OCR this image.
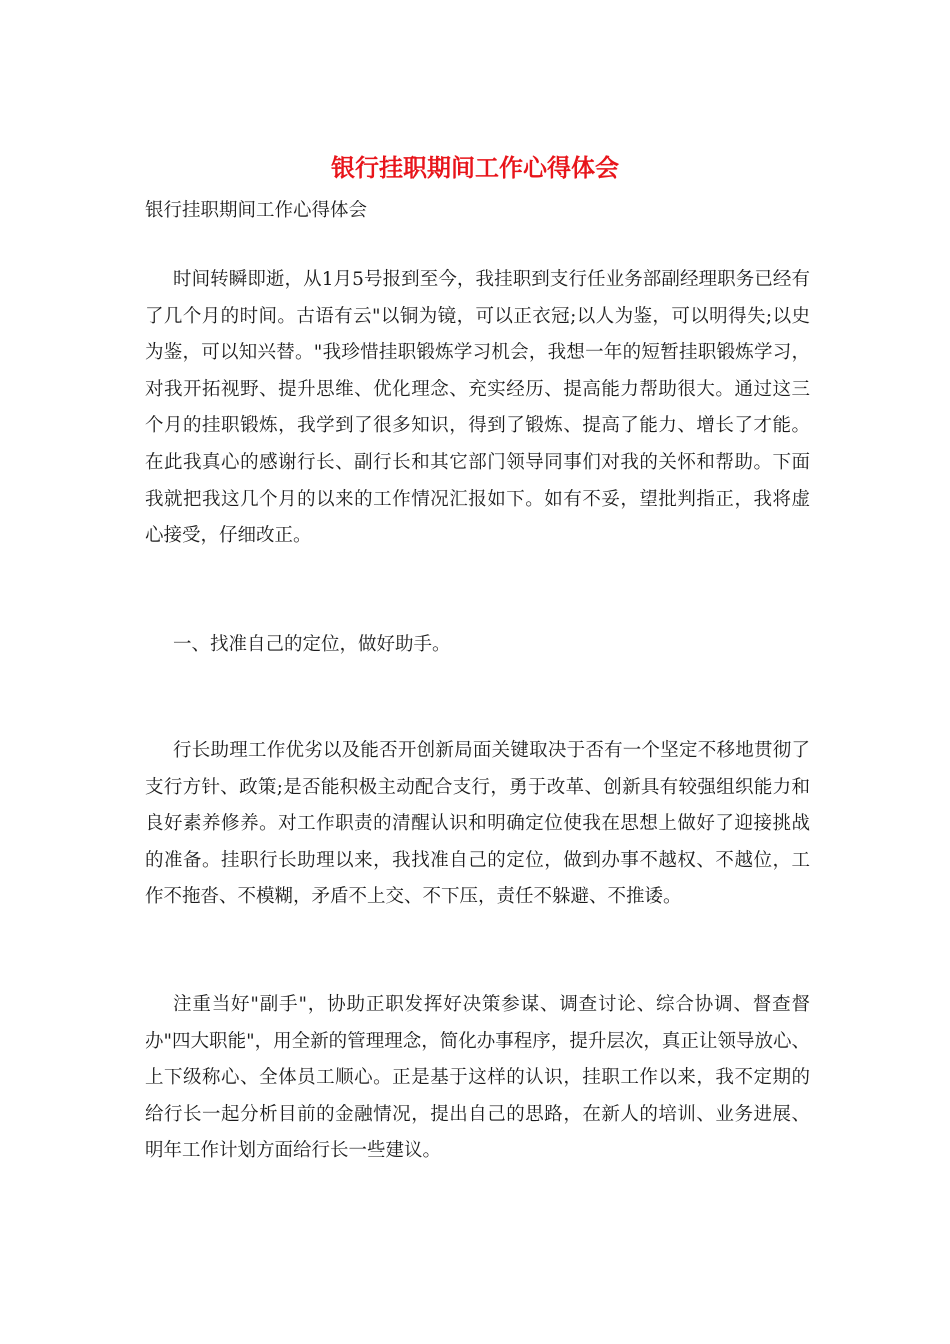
银行挂职期间工作心得体会

银行挂职期间工作心得体会

时间转瞬即逝，从1月5号报到至今，我挂职到支行任业务部副经理职务已经有了几个月的时间。古语有云"以铜为镜，可以正衣冠;以人为鉴，可以明得失;以史为鉴，可以知兴替。"我珍惜挂职锻炼学习机会，我想一年的短暂挂职锻炼学习，对我开拓视野、提升思维、优化理念、充实经历、提高能力帮助很大。通过这三个月的挂职锻炼，我学到了很多知识，得到了锻炼、提高了能力、增长了才能。在此我真心的感谢行长、副行长和其它部门领导同事们对我的关怀和帮助。下面我就把我这几个月的以来的工作情况汇报如下。如有不妥，望批判指正，我将虚心接受，仔细改正。

一、找准自己的定位，做好助手。

行长助理工作优劣以及能否开创新局面关键取决于否有一个坚定不移地贯彻了支行方针、政策;是否能积极主动配合支行，勇于改革、创新具有较强组织能力和良好素养修养。对工作职责的清醒认识和明确定位使我在思想上做好了迎接挑战的准备。挂职行长助理以来，我找准自己的定位，做到办事不越权、不越位，工作不拖沓、不模糊，矛盾不上交、不下压，责任不躲避、不推诿。

注重当好"副手"，协助正职发挥好决策参谋、调查讨论、综合协调、督查督办"四大职能"，用全新的管理理念，简化办事程序，提升层次，真正让领导放心、上下级称心、全体员工顺心。正是基于这样的认识，挂职工作以来，我不定期的给行长一起分析目前的金融情况，提出自己的思路，在新人的培训、业务进展、明年工作计划方面给行长一些建议。
